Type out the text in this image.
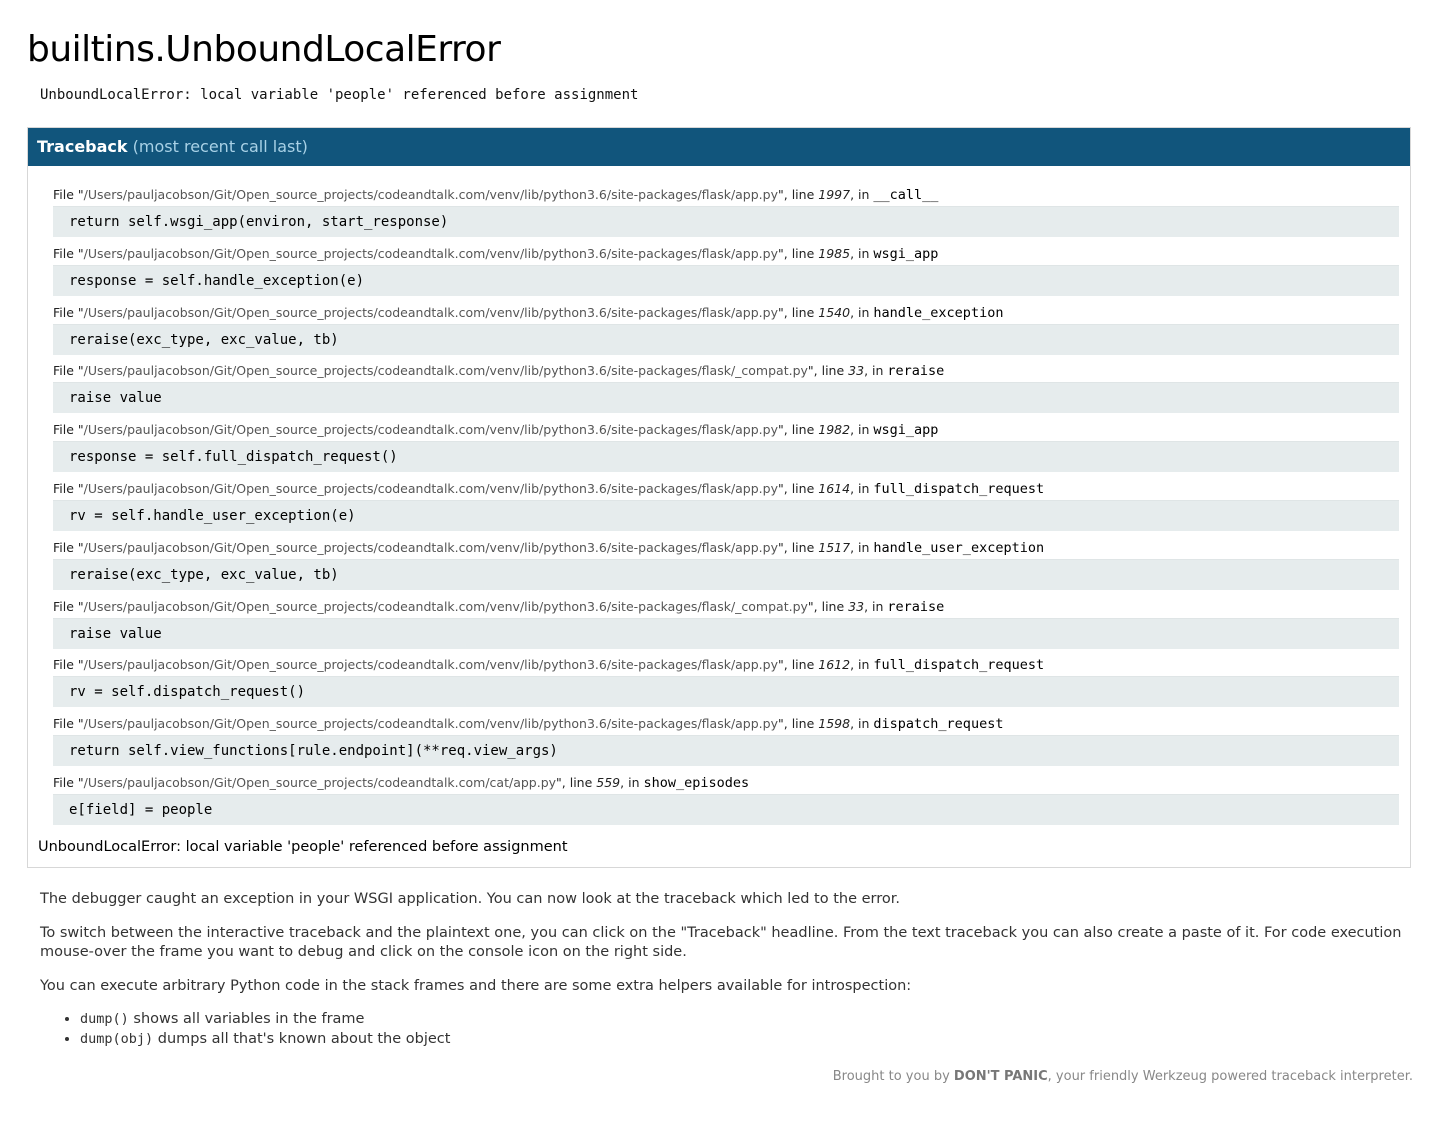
builtins.UnboundLocalError
UnboundLocalError: local variable 'people' referenced before assignment
Traceback (most recent call last)
File "/Users/pauljacobson/Git/Open_source_projects/codeandtalk.com/venv/lib/python3.6/site-packages/flask/app.py", line 1997, in __call__
return self.wsgi_app(environ, start_response)
File "/Users/pauljacobson/Git/Open_source_projects/codeandtalk.com/venv/lib/python3.6/site-packages/flask/app.py", line 1985, in wsgi_app
response = self.handle_exception(e)
File "/Users/pauljacobson/Git/Open_source_projects/codeandtalk.com/venv/lib/python3.6/site-packages/flask/app.py", line 1540, in handle_exception
reraise(exc_type, exc_value, tb)
File "/Users/pauljacobson/Git/Open_source_projects/codeandtalk.com/venv/lib/python3.6/site-packages/flask/_compat.py", line 33, in reraise
raise value
File "/Users/pauljacobson/Git/Open_source_projects/codeandtalk.com/venv/lib/python3.6/site-packages/flask/app.py", line 1982, in wsgi_app
response = self.full_dispatch_request()
File "/Users/pauljacobson/Git/Open_source_projects/codeandtalk.com/venv/lib/python3.6/site-packages/flask/app.py", line 1614, in full_dispatch_request
rv = self.handle_user_exception(e)
File "/Users/pauljacobson/Git/Open_source_projects/codeandtalk.com/venv/lib/python3.6/site-packages/flask/app.py", line 1517, in handle_user_exception
reraise(exc_type, exc_value, tb)
File "/Users/pauljacobson/Git/Open_source_projects/codeandtalk.com/venv/lib/python3.6/site-packages/flask/_compat.py", line 33, in reraise
raise value
File "/Users/pauljacobson/Git/Open_source_projects/codeandtalk.com/venv/lib/python3.6/site-packages/flask/app.py", line 1612, in full_dispatch_request
rv = self.dispatch_request()
File "/Users/pauljacobson/Git/Open_source_projects/codeandtalk.com/venv/lib/python3.6/site-packages/flask/app.py", line 1598, in dispatch_request
return self.view_functions[rule.endpoint](**req.view_args)
File "/Users/pauljacobson/Git/Open_source_projects/codeandtalk.com/cat/app.py", line 559, in show_episodes
e[field] = people
UnboundLocalError: local variable 'people' referenced before assignment

The debugger caught an exception in your WSGI application. You can now look at the traceback which led to the error.

To switch between the interactive traceback and the plaintext one, you can click on the "Traceback" headline. From the text traceback you can also create a paste of it. For code execution mouse-over the frame you want to debug and click on the console icon on the right side.

You can execute arbitrary Python code in the stack frames and there are some extra helpers available for introspection:

• dump() shows all variables in the frame
• dump(obj) dumps all that's known about the object
Brought to you by DON'T PANIC, your friendly Werkzeug powered traceback interpreter.
